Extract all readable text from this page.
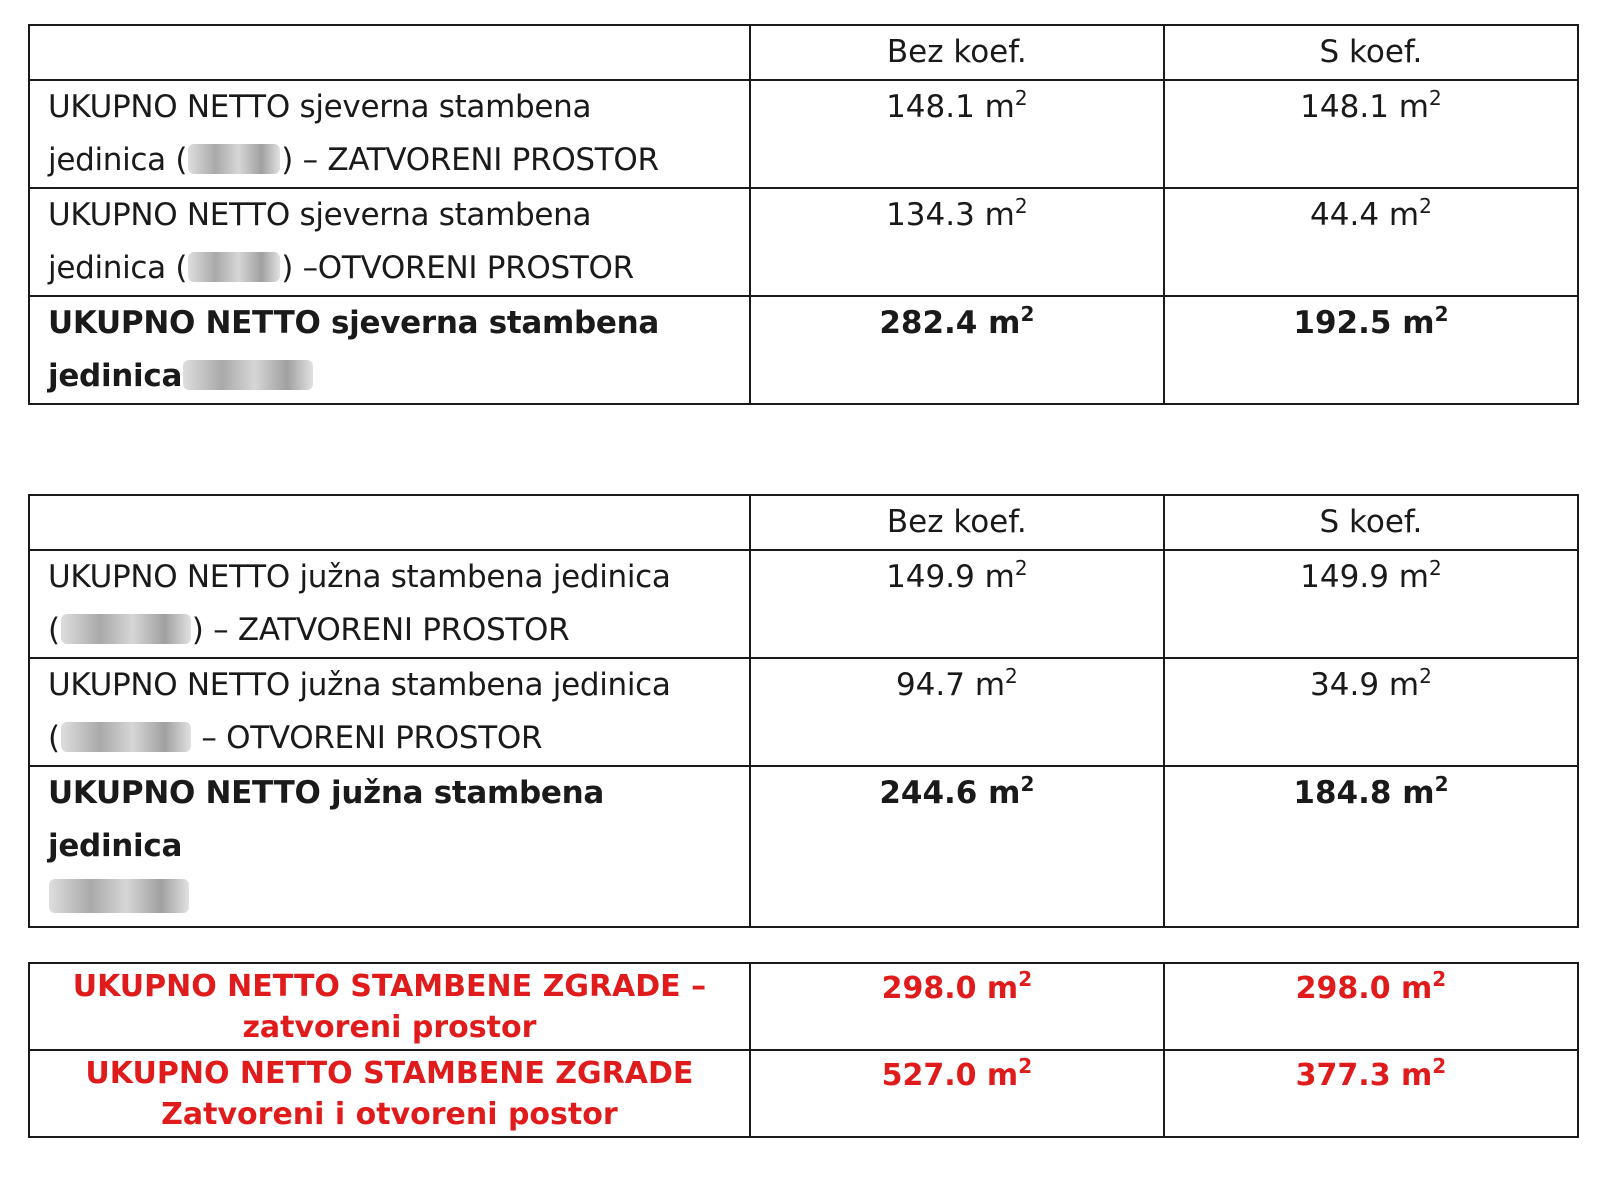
	Bez koef.	S koef.
UKUPNO NETTO sjeverna stambena
jedinica ( ) – ZATVORENI PROSTOR	148.1 $m^2$	148.1 $m^2$
UKUPNO NETTO sjeverna stambena
jedinica ( ) –OTVORENI PROSTOR	134.3 $m^2$	44.4 $m^2$
UKUPNO NETTO sjeverna stambena
jedinica	282.4 $m^2$	192.5 $m^2$
	Bez koef.	S koef.
UKUPNO NETTO južna stambena jedinica
( ) – ZATVORENI PROSTOR	149.9 $m^2$	149.9 $m^2$
UKUPNO NETTO južna stambena jedinica
( – OTVORENI PROSTOR	94.7 $m^2$	34.9 $m^2$
UKUPNO NETTO južna stambena jedinica	244.6 $m^2$	184.8 $m^2$
UKUPNO NETTO STAMBENE ZGRADE –
zatvoreni prostor	298.0 $m^2$	298.0 $m^2$
UKUPNO NETTO STAMBENE ZGRADE
Zatvoreni i otvoreni postor	527.0 $m^2$	377.3 $m^2$
